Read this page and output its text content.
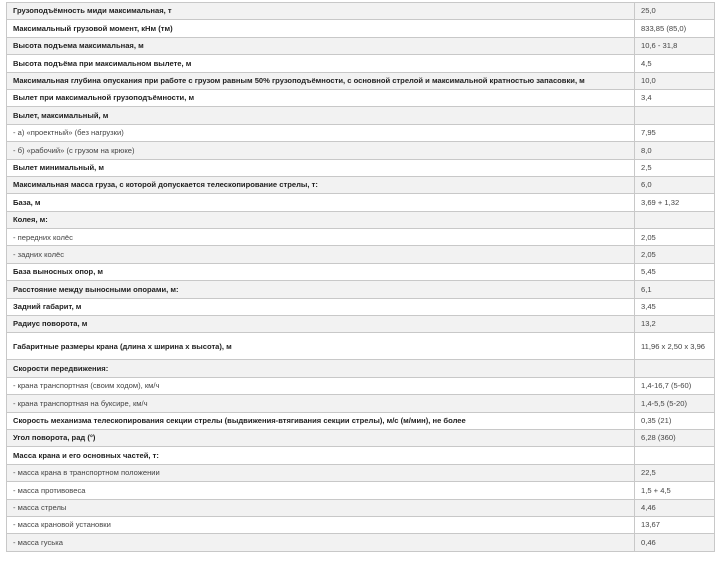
Грузоподъёмность миди максимальная, т	25,0
Максимальный грузовой момент, кНм (тм)	833,85 (85,0)
Высота подъема максимальная, м	10,6 - 31,8
Высота подъёма при максимальном вылете, м	4,5
Максимальная глубина опускания при работе с грузом равным 50% грузоподъёмности, с основной стрелой и максимальной кратностью запасовки, м	10,0
Вылет при максимальной грузоподъёмности, м	3,4
Вылет, максимальный, м	
- а) «проектный» (без нагрузки)	7,95
- б) «рабочий» (с грузом на крюке)	8,0
Вылет минимальный, м	2,5
Максимальная масса груза, с которой допускается телескопирование стрелы, т:	6,0
База, м	3,69 + 1,32
Колея, м:	
- передних колёс	2,05
- задних колёс	2,05
База выносных опор, м	5,45
Расстояние между выносными опорами, м:	6,1
Задний габарит, м	3,45
Радиус поворота, м	13,2
Габаритные размеры крана (длина x ширина x высота), м	11,96 x 2,50 x 3,96
Скорости передвижения:	
- крана транспортная (своим ходом), км/ч	1,4-16,7 (5-60)
- крана транспортная на буксире, км/ч	1,4-5,5 (5-20)
Скорость механизма телескопирования секции стрелы (выдвижения-втягивания секции стрелы), м/с (м/мин), не более	0,35 (21)
Угол поворота, рад (°)	6,28 (360)
Масса крана и его основных частей, т:	
- масса крана в транспортном положении	22,5
- масса противовеса	1,5 + 4,5
- масса стрелы	4,46
- масса крановой установки	13,67
- масса гуська	0,46
